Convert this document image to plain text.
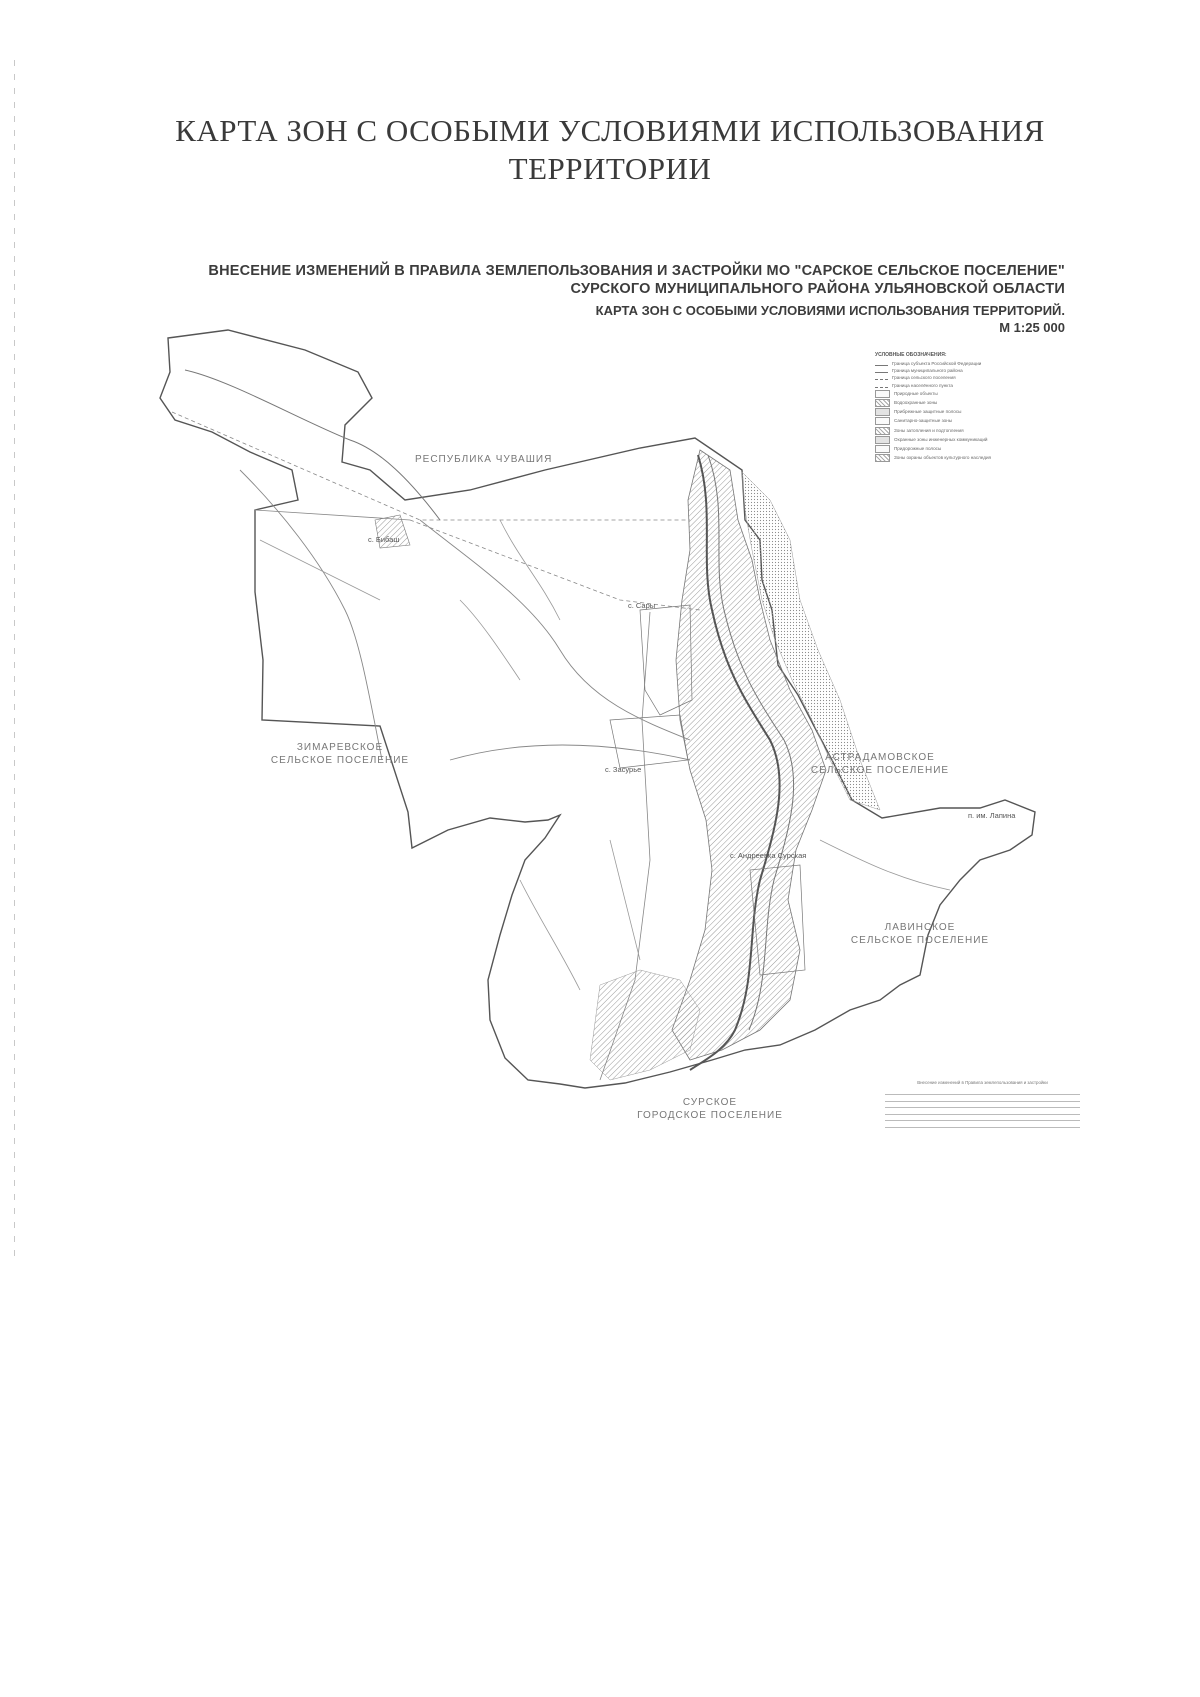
КАРТА ЗОН С ОСОБЫМИ УСЛОВИЯМИ ИСПОЛЬЗОВАНИЯ
ТЕРРИТОРИИ
ВНЕСЕНИЕ ИЗМЕНЕНИЙ В ПРАВИЛА ЗЕМЛЕПОЛЬЗОВАНИЯ И ЗАСТРОЙКИ МО "САРСКОЕ СЕЛЬСКОЕ ПОСЕЛЕНИЕ"
СУРСКОГО МУНИЦИПАЛЬНОГО РАЙОНА УЛЬЯНОВСКОЙ ОБЛАСТИ
КАРТА ЗОН С ОСОБЫМИ УСЛОВИЯМИ ИСПОЛЬЗОВАНИЯ ТЕРРИТОРИЙ.
М 1:25 000
РЕСПУБЛИКА ЧУВАШИЯ
ЗИМАРЕВСКОЕ
СЕЛЬСКОЕ ПОСЕЛЕНИЕ	АСТРАДАМОВСКОЕ
СЕЛЬСКОЕ ПОСЕЛЕНИЕ
ЛАВИНСКОЕ
СЕЛЬСКОЕ ПОСЕЛЕНИЕ
СУРСКОЕ
ГОРОДСКОЕ ПОСЕЛЕНИЕ
с. Бибаш
с. Сары
с. Засурье
с. Андреевка Сурская
п. им. Лапина
УСЛОВНЫЕ ОБОЗНАЧЕНИЯ:
Граница субъекта Российской Федерации
Граница муниципального района
Граница сельского поселения
Граница населённого пункта
Природные объекты
Водоохранные зоны
Прибрежные защитные полосы
Санитарно-защитные зоны
Зоны затопления и подтопления
Охранные зоны инженерных коммуникаций
Придорожные полосы
Зоны охраны объектов культурного наследия
Внесение изменений в Правила землепользования и застройки
